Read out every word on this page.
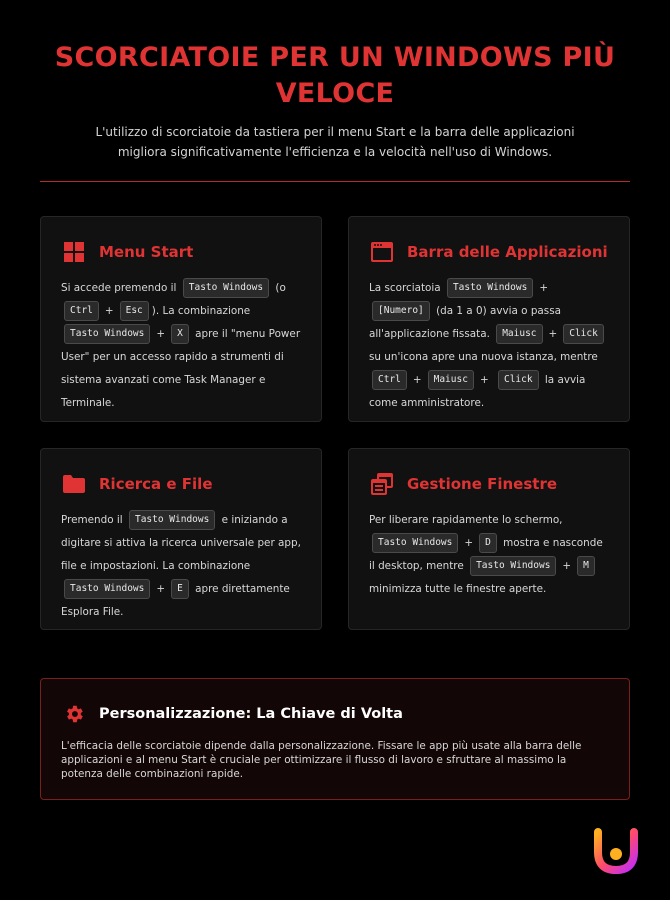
SCORCIATOIE PER UN WINDOWS PIÙ VELOCE
L'utilizzo di scorciatoie da tastiera per il menu Start e la barra delle applicazioni migliora significativamente l'efficienza e la velocità nell'uso di Windows.
Menu Start
Si accede premendo il Tasto Windows (o Ctrl + Esc ). La combinazione Tasto Windows + X apre il "menu Power User" per un accesso rapido a strumenti di sistema avanzati come Task Manager e Terminale.
Barra delle Applicazioni
La scorciatoia Tasto Windows +[Numero] (da 1 a 0) avvia o passa all'applicazione fissata. Maiusc + Click su un'icona apre una nuova istanza, mentre Ctrl + Maiusc + Click la avvia come amministratore.
Ricerca e File
Premendo il Tasto Windows e iniziando a digitare si attiva la ricerca universale per app, file e impostazioni. La combinazione Tasto Windows + E apre direttamente Esplora File.
Gestione Finestre
Per liberare rapidamente lo schermo, Tasto Windows + D mostra e nasconde il desktop, mentre Tasto Windows + M minimizza tutte le finestre aperte.
Personalizzazione: La Chiave di Volta
L'efficacia delle scorciatoie dipende dalla personalizzazione. Fissare le app più usate alla barra delle applicazioni e al menu Start è cruciale per ottimizzare il flusso di lavoro e sfruttare al massimo la potenza delle combinazioni rapide.
